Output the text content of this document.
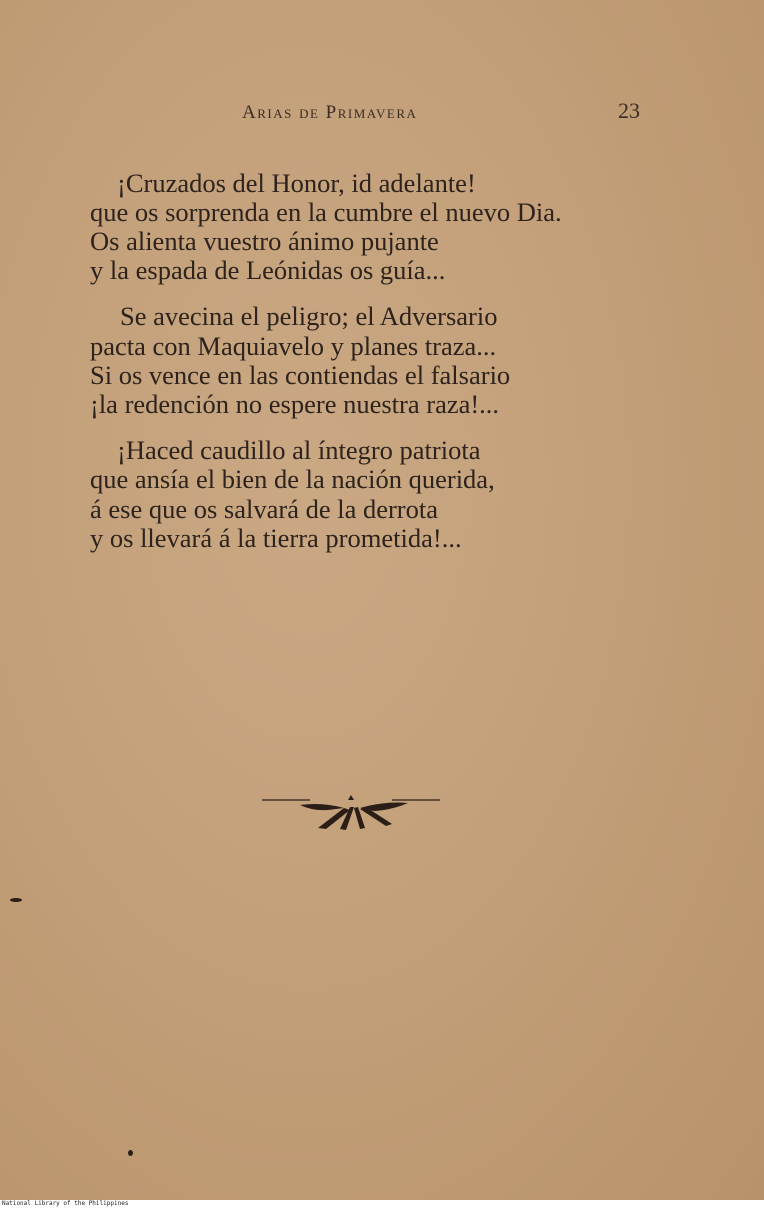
Arias de Primavera	23
¡Cruzados del Honor, id adelante!
que os sorprenda en la cumbre el nuevo Dia.
Os alienta vuestro ánimo pujante
y la espada de Leónidas os guía...
Se avecina el peligro; el Adversario
pacta con Maquiavelo y planes traza...
Si os vence en las contiendas el falsario
¡la redención no espere nuestra raza!...
¡Haced caudillo al íntegro patriota
que ansía el bien de la nación querida,
á ese que os salvará de la derrota
y os llevará á la tierra prometida!...
National Library of the Philippines
